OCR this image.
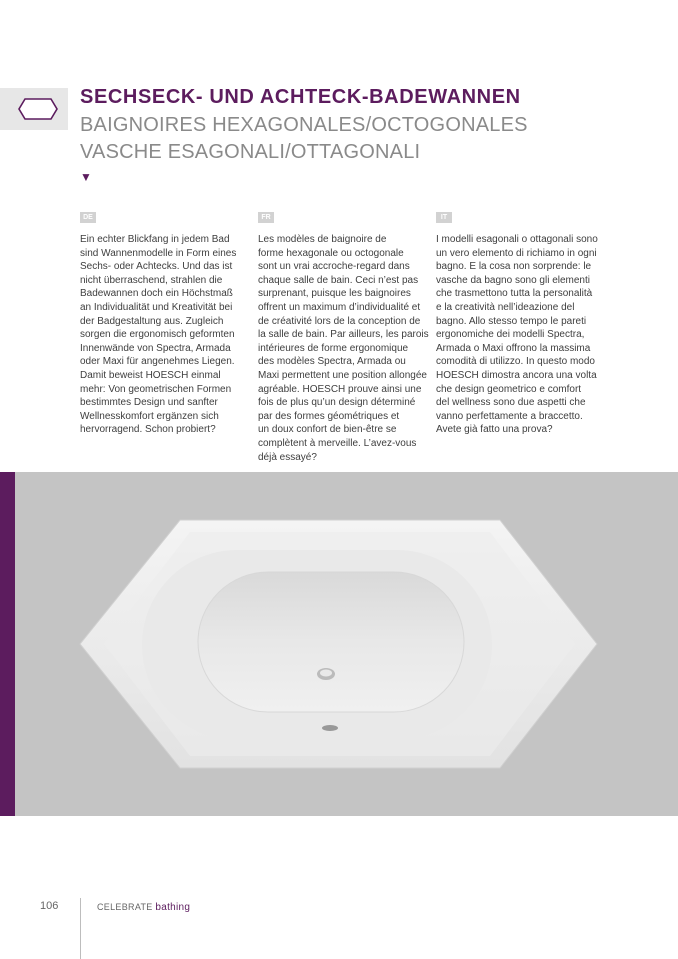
SECHSECK- UND ACHTECK-BADEWANNEN
BAIGNOIRES HEXAGONALES/OCTOGONALES
VASCHE ESAGONALI/OTTAGONALI
▼
DE
Ein echter Blickfang in jedem Bad
sind Wannenmodelle in Form eines
Sechs- oder Achtecks. Und das ist
nicht überraschend, strahlen die
Badewannen doch ein Höchstmaß
an Individualität und Kreativität bei
der Badgestaltung aus. Zugleich
sorgen die ergonomisch geformten
Innenwände von Spectra, Armada
oder Maxi für angenehmes Liegen.
Damit beweist HOESCH einmal
mehr: Von geometrischen Formen
bestimmtes Design und sanfter
Wellnesskomfort ergänzen sich
hervorragend. Schon probiert?
FR
Les modèles de baignoire de
forme hexagonale ou octogonale
sont un vrai accroche-regard dans
chaque salle de bain. Ceci n’est pas
surprenant, puisque les baignoires
offrent un maximum d’individualité et
de créativité lors de la conception de
la salle de bain. Par ailleurs, les parois
intérieures de forme ergonomique
des modèles Spectra, Armada ou
Maxi permettent une position allongée
agréable. HOESCH prouve ainsi une
fois de plus qu’un design déterminé
par des formes géométriques et
un doux confort de bien-être se
complètent à merveille. L’avez-vous
déjà essayé?
IT
I modelli esagonali o ottagonali sono
un vero elemento di richiamo in ogni
bagno. E la cosa non sorprende: le
vasche da bagno sono gli elementi
che trasmettono tutta la personalità
e la creatività nell’ideazione del
bagno. Allo stesso tempo le pareti
ergonomiche dei modelli Spectra,
Armada o Maxi offrono la massima
comodità di utilizzo. In questo modo
HOESCH dimostra ancora una volta
che design geometrico e comfort
del wellness sono due aspetti che
vanno perfettamente a braccetto.
Avete già fatto una prova?
106	CELEBRATE bathing
